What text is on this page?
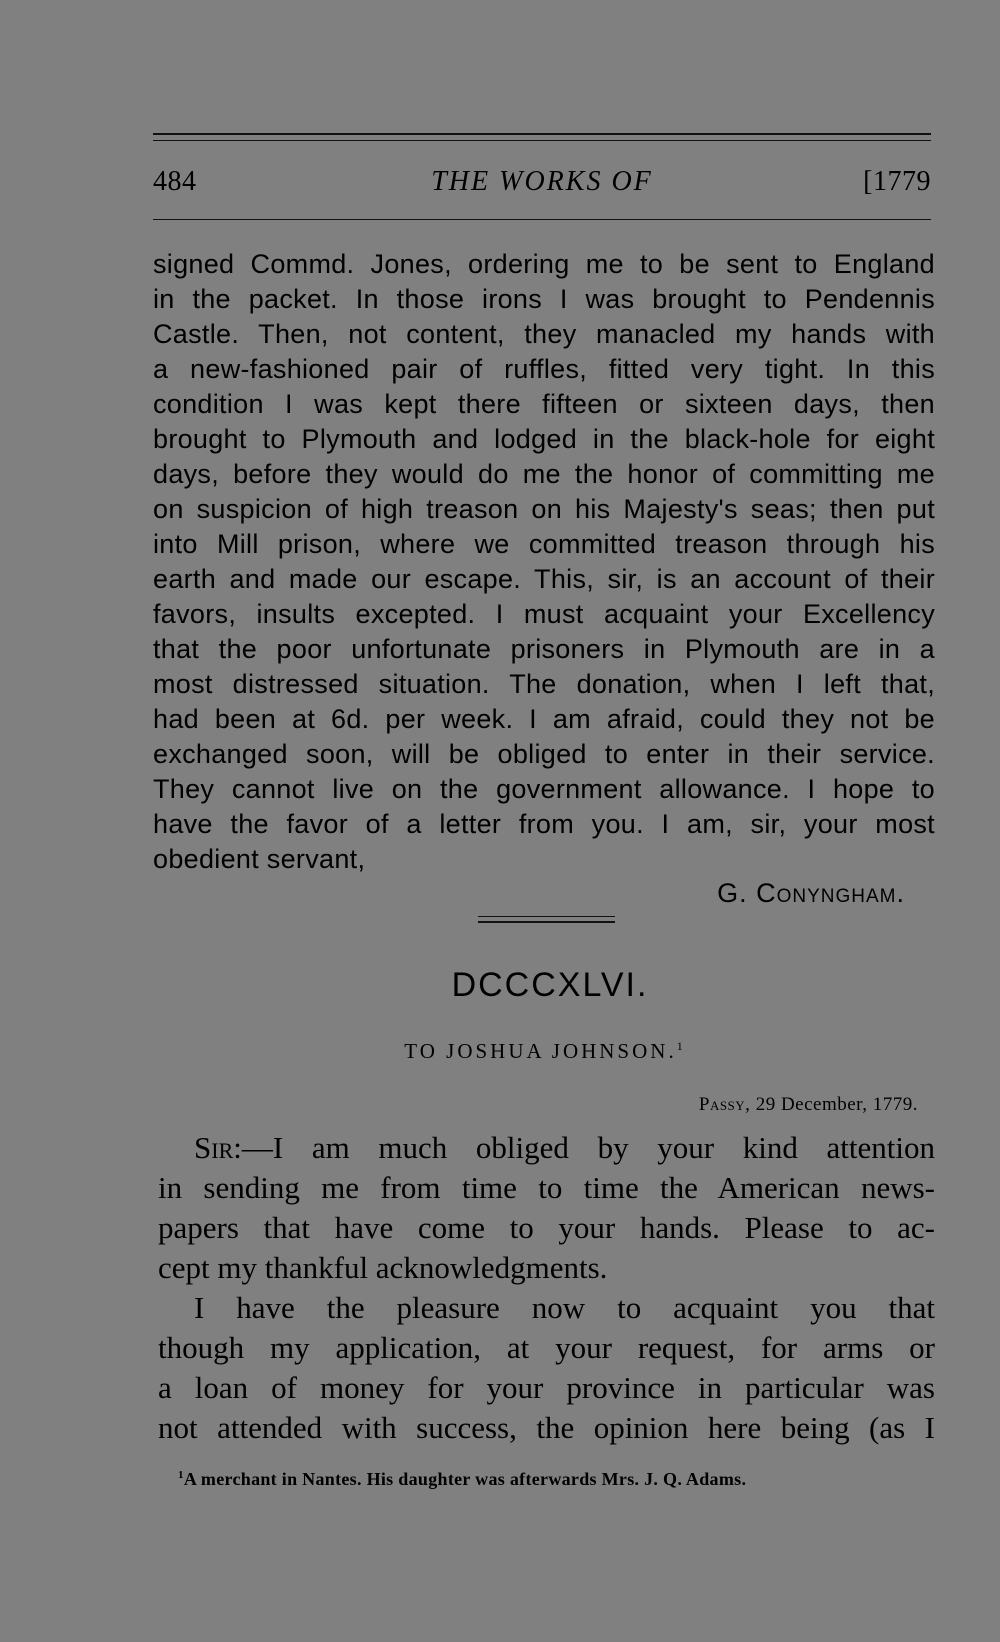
484	THE WORKS OF	[1779
signed Commd. Jones, ordering me to be sent to England
in the packet. In those irons I was brought to Pendennis
Castle. Then, not content, they manacled my hands with
a new-fashioned pair of ruffles, fitted very tight. In this
condition I was kept there fifteen or sixteen days, then
brought to Plymouth and lodged in the black-hole for eight
days, before they would do me the honor of committing me
on suspicion of high treason on his Majesty's seas; then put
into Mill prison, where we committed treason through his
earth and made our escape. This, sir, is an account of their
favors, insults excepted. I must acquaint your Excellency
that the poor unfortunate prisoners in Plymouth are in a
most distressed situation. The donation, when I left that,
had been at 6d. per week. I am afraid, could they not be
exchanged soon, will be obliged to enter in their service.
They cannot live on the government allowance. I hope to
have the favor of a letter from you. I am, sir, your most
obedient servant,
G. Conyngham.
DCCCXLVI.
TO JOSHUA JOHNSON.$^1$
Passy, 29 December, 1779.
Sir:—I am much obliged by your kind attention
in sending me from time to time the American news-
papers that have come to your hands. Please to ac-
cept my thankful acknowledgments.
I have the pleasure now to acquaint you that
though my application, at your request, for arms or
a loan of money for your province in particular was
not attended with success, the opinion here being (as I
$^1$A merchant in Nantes. His daughter was afterwards Mrs. J. Q. Adams.
